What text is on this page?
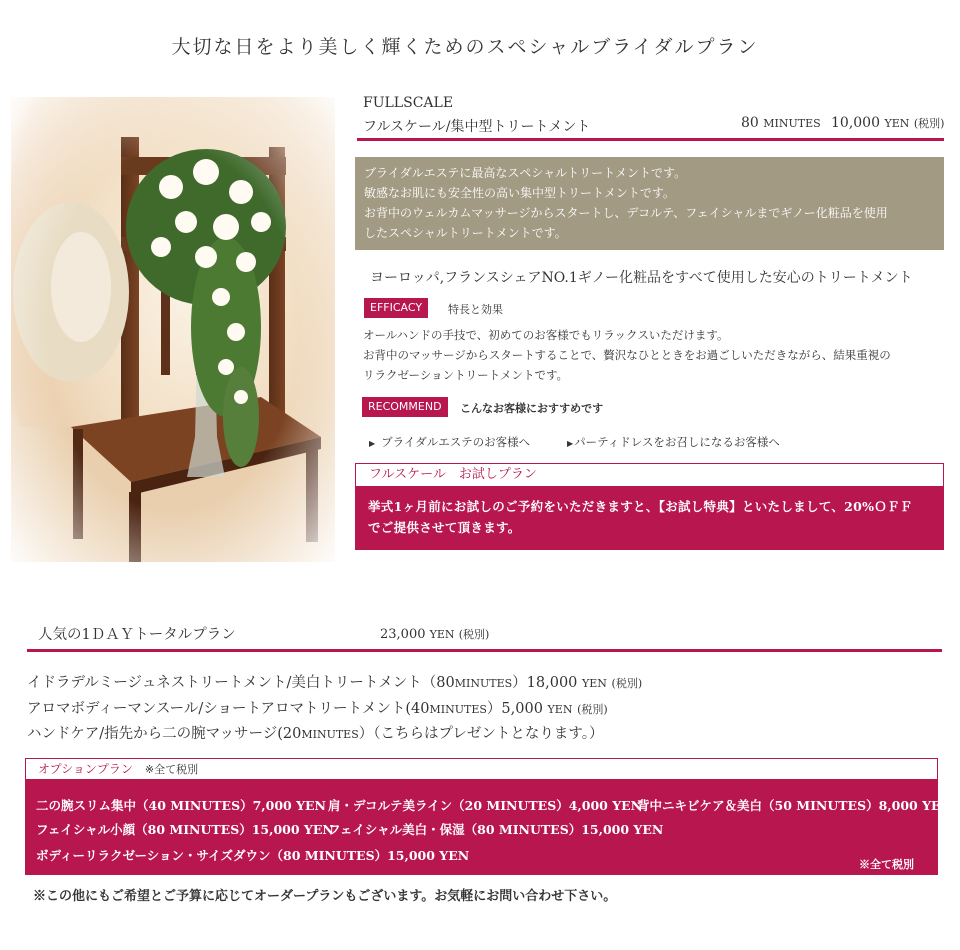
大切な日をより美しく輝くためのスペシャルブライダルプラン
FULLSCALE
フルスケール/集中型トリートメント	80 MINUTES 10,000 YEN (税別)
ブライダルエステに最高なスペシャルトリートメントです。
敏感なお肌にも安全性の高い集中型トリートメントです。
お背中のウェルカムマッサージからスタートし、デコルテ、フェイシャルまでギノー化粧品を使用
したスペシャルトリートメントです。
ヨーロッパ,フランスシェアNO.1ギノー化粧品をすべて使用した安心のトリートメント
EFFICACY	特長と効果
オールハンドの手技で、初めてのお客様でもリラックスいただけます。
お背中のマッサージからスタートすることで、贅沢なひとときをお過ごしいただきながら、結果重視の
リラクゼーショントリートメントです。
RECOMMEND	こんなお客様におすすめです
▶ ブライダルエステのお客様へ	▶パーティドレスをお召しになるお客様へ
フルスケール　お試しプラン
挙式1ヶ月前にお試しのご予約をいただきますと、【お試し特典】といたしまして、20%ＯＦＦ
でご提供させて頂きます。
人気の1ＤＡＹトータルプラン	23,000 YEN (税別)
イドラデルミージュネストリートメント/美白トリートメント（80MINUTES）18,000 YEN (税別)
アロマボディーマンスール/ショートアロマトリートメント(40MINUTES）5,000 YEN (税別)
ハンドケア/指先から二の腕マッサージ(20MINUTES）（こちらはプレゼントとなります。）
オプションプラン ※全て税別
二の腕スリム集中（40 MINUTES）7,000 YEN 肩・デコルテ美ライン（20 MINUTES）4,000 YEN
背中ニキビケア＆美白（50 MINUTES）8,000 YEN
フェイシャル小顔（80 MINUTES）15,000 YEN
フェイシャル美白・保湿（80 MINUTES）15,000 YEN
ボディーリラクゼーション・サイズダウン（80 MINUTES）15,000 YEN
※全て税別
※この他にもご希望とご予算に応じてオーダープランもございます。お気軽にお問い合わせ下さい。
